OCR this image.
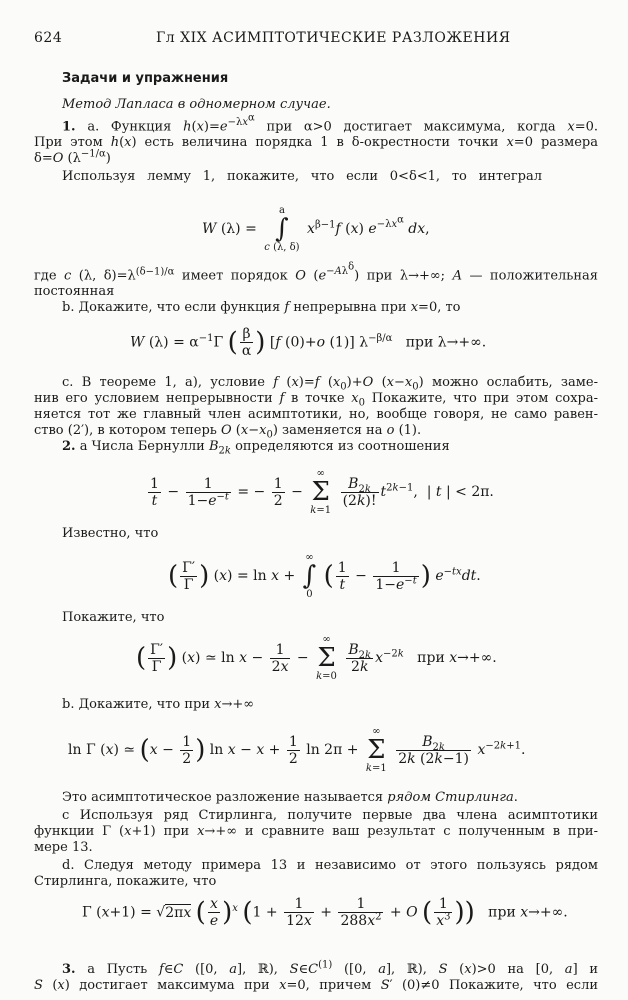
624	Гл XIX АСИМПТОТИЧЕСКИЕ РАЗЛОЖЕНИЯ
Задачи и упражнения
Метод Лапласа в одномерном случае.
1. a. Функция $h(x)=e^{-\lambda x^\alpha}$ при α>0 достигает максимума, когда x=0.
При этом h(x) есть величина порядка 1 в δ-окрестности точки x=0 размера
δ=O $(\lambda^{-1/\alpha})$
Используя лемму 1, покажите, что если 0<δ<1, то интеграл
W (λ) =
a
∫
c (λ, δ)
$x^{\beta-1}f$ (x) $e^{-\lambda x^\alpha}$ dx,
где c (λ, $\delta)=\lambda^{(\delta-1)/\alpha}$ имеет порядок O $(e^{-A\lambda^\delta})$ при λ→+∞; A — положительная
постоянная
b. Докажите, что если функция f непрерывна при x=0, то
W $(\lambda) = \alpha^{-1}\Gamma$ ( $\frac{\beta}{\alpha}$ ) [f (0)+o (1)] $\lambda^{-\beta/\alpha}$   при λ→+∞.
c. В теореме 1, a), условие f (x)=f $(x_0)+O$ $(x-x_0)$ можно ослабить, заме-
нив его условием непрерывности f в точке $x_0$ Покажите, что при этом сохра-
няется тот же главный член асимптотики, но, вообще говоря, не само равен-
ство (2′), в котором теперь O $(x-x_0)$ заменяется на o (1).
2. a Числа Бернулли $B_{2k}$ определяются из соотношения
$\frac{1}{t} - \frac{1}{1-e^{-t}}$ = − $\frac{1}{2}$ −
∞
Σ
k=1

$\frac{B_{2k}}{(2k)!} t^{2k-1}$,  | t | < 2π.
Известно, что
( $\frac{\Gamma'}{\Gamma}$ ) (x) = ln x +
∞
∫
0
( $\frac{1}{t} - \frac{1}{1-e^{-t}}$ ) $e^{-tx}dt$.
Покажите, что
( $\frac{\Gamma'}{\Gamma}$ ) (x) ≃ $\ln x - \frac{1}{2x}$ −
∞
Σ
k=0

$\frac{B_{2k}}{2k} x^{-2k}$   при x→+∞.
b. Докажите, что при x→+∞
ln Γ (x) ≃ ($x - \frac{1}{2}$ ) $\ln x - x + \frac{1}{2}$ ln 2π +
∞
Σ
k=1

$\frac{B_{2k}}{2k (2k-1)} x^{-2k+1}$.
Это асимптотическое разложение называется рядом Стирлинга.
c Используя ряд Стирлинга, получите первые два члена асимптотики
функции Γ (x+1) при x→+∞ и сравните ваш результат с полученным в при-
мере 13.
d. Следуя методу примера 13 и независимо от этого пользуясь рядом
Стирлинга, покажите, что
Γ (x+1) = √2πx ( $\frac{x}{e} )^x$ ($1 + \frac{1}{12x} + \frac{1}{288x^2} + O$ ( $\frac{1}{x^3}$ ))   при x→+∞.
3. a Пусть f∈C ([0, a], ℝ), $S\in C^{(1)}$ ([0, a], ℝ), S (x)>0 на [0, a] и
S (x) достигает максимума при x=0, причем S′ (0)≠0 Покажите, что если
